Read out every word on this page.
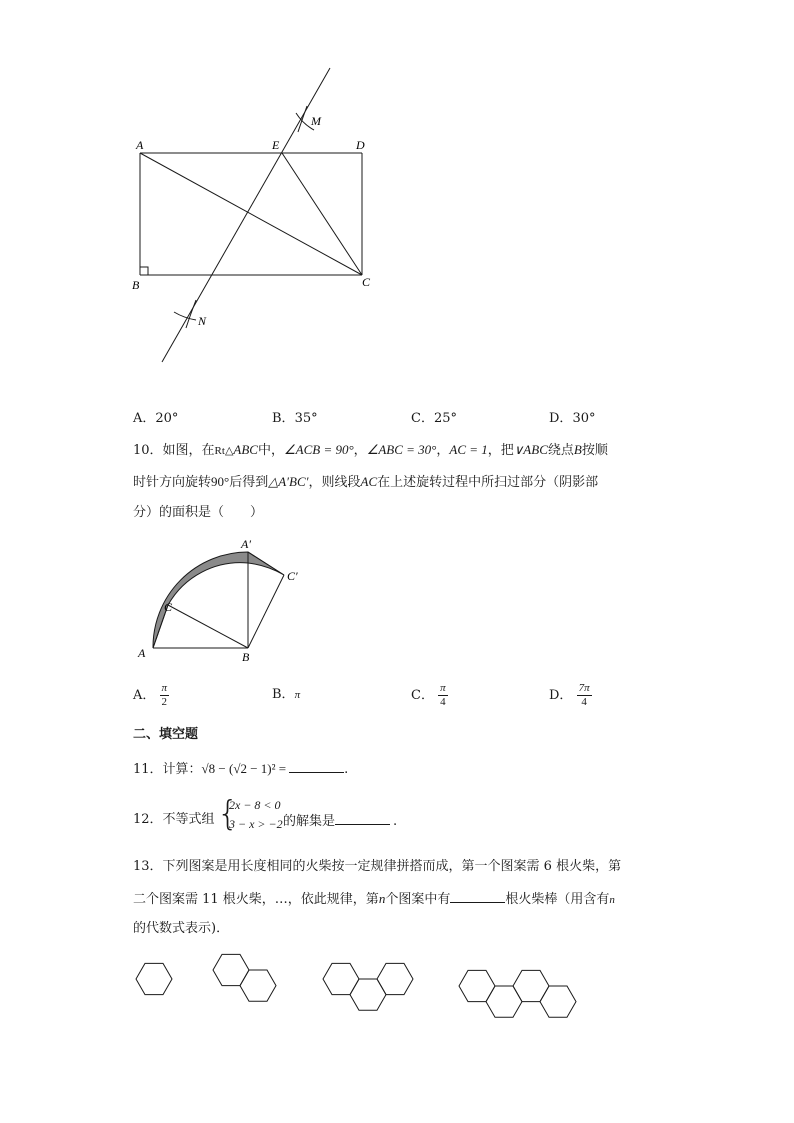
A	E	D
M
B	C
N
A．20°	B．35°	C．25°	D．30°
10．如图，在Rt△ABC中，∠ACB = 90°，∠ABC = 30°，AC = 1，把∨ABC绕点B按顺
时针方向旋转90°后得到△A′BC′，则线段AC在上述旋转过程中所扫过部分（阴影部
分）的面积是（　　）
A	B
C
A′
C′
A． $\frac{\pi}{2}$	B．π	C． $\frac{\pi}{4}$	D． $\frac{7\pi}{4}$
二、填空题
11．计算：√8 − (√2 − 1)² =	.
12．不等式组 {
2x − 8 < 0
3 − x > −2 的解集是	.
13．下列图案是用长度相同的火柴按一定规律拼搭而成，第一个图案需 6 根火柴，第
二个图案需 11 根火柴，…，依此规律，第n个图案中有	根火柴棒（用含有n
的代数式表示)．
